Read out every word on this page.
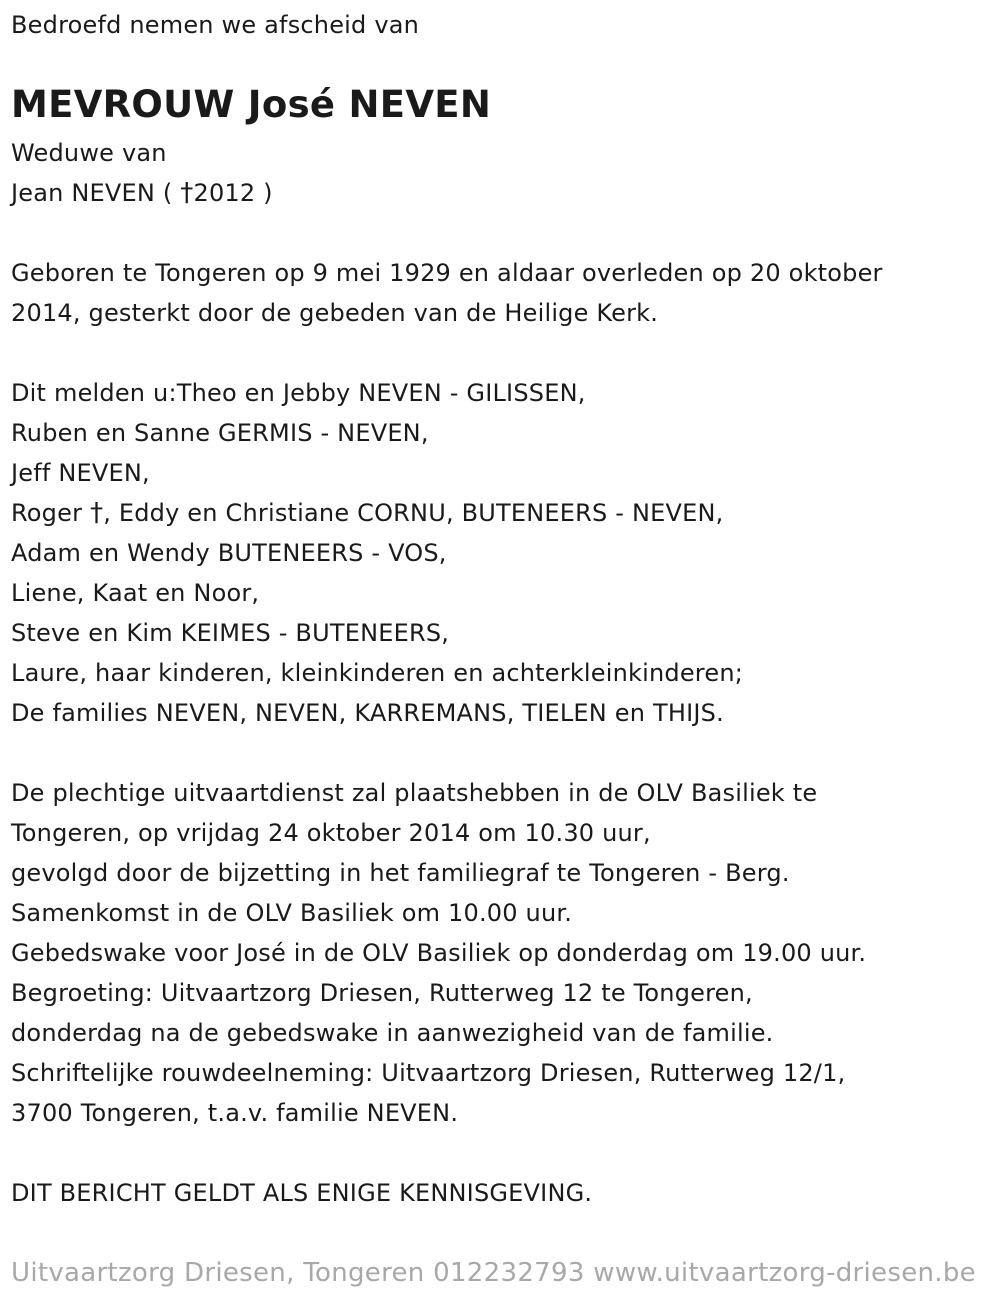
Bedroefd nemen we afscheid van
MEVROUW José NEVEN
Weduwe van
Jean NEVEN ( †2012 )
Geboren te Tongeren op 9 mei 1929 en aldaar overleden op 20 oktober
2014, gesterkt door de gebeden van de Heilige Kerk.
Dit melden u:Theo en Jebby NEVEN - GILISSEN,
Ruben en Sanne GERMIS - NEVEN,
Jeff NEVEN,
Roger †, Eddy en Christiane CORNU, BUTENEERS - NEVEN,
Adam en Wendy BUTENEERS - VOS,
Liene, Kaat en Noor,
Steve en Kim KEIMES - BUTENEERS,
Laure, haar kinderen, kleinkinderen en achterkleinkinderen;
De families NEVEN, NEVEN, KARREMANS, TIELEN en THIJS.
De plechtige uitvaartdienst zal plaatshebben in de OLV Basiliek te
Tongeren, op vrijdag 24 oktober 2014 om 10.30 uur,
gevolgd door de bijzetting in het familiegraf te Tongeren - Berg.
Samenkomst in de OLV Basiliek om 10.00 uur.
Gebedswake voor José in de OLV Basiliek op donderdag om 19.00 uur.
Begroeting: Uitvaartzorg Driesen, Rutterweg 12 te Tongeren,
donderdag na de gebedswake in aanwezigheid van de familie.
Schriftelijke rouwdeelneming: Uitvaartzorg Driesen, Rutterweg 12/1,
3700 Tongeren, t.a.v. familie NEVEN.
DIT BERICHT GELDT ALS ENIGE KENNISGEVING.
Uitvaartzorg Driesen, Tongeren 012232793 www.uitvaartzorg-driesen.be
